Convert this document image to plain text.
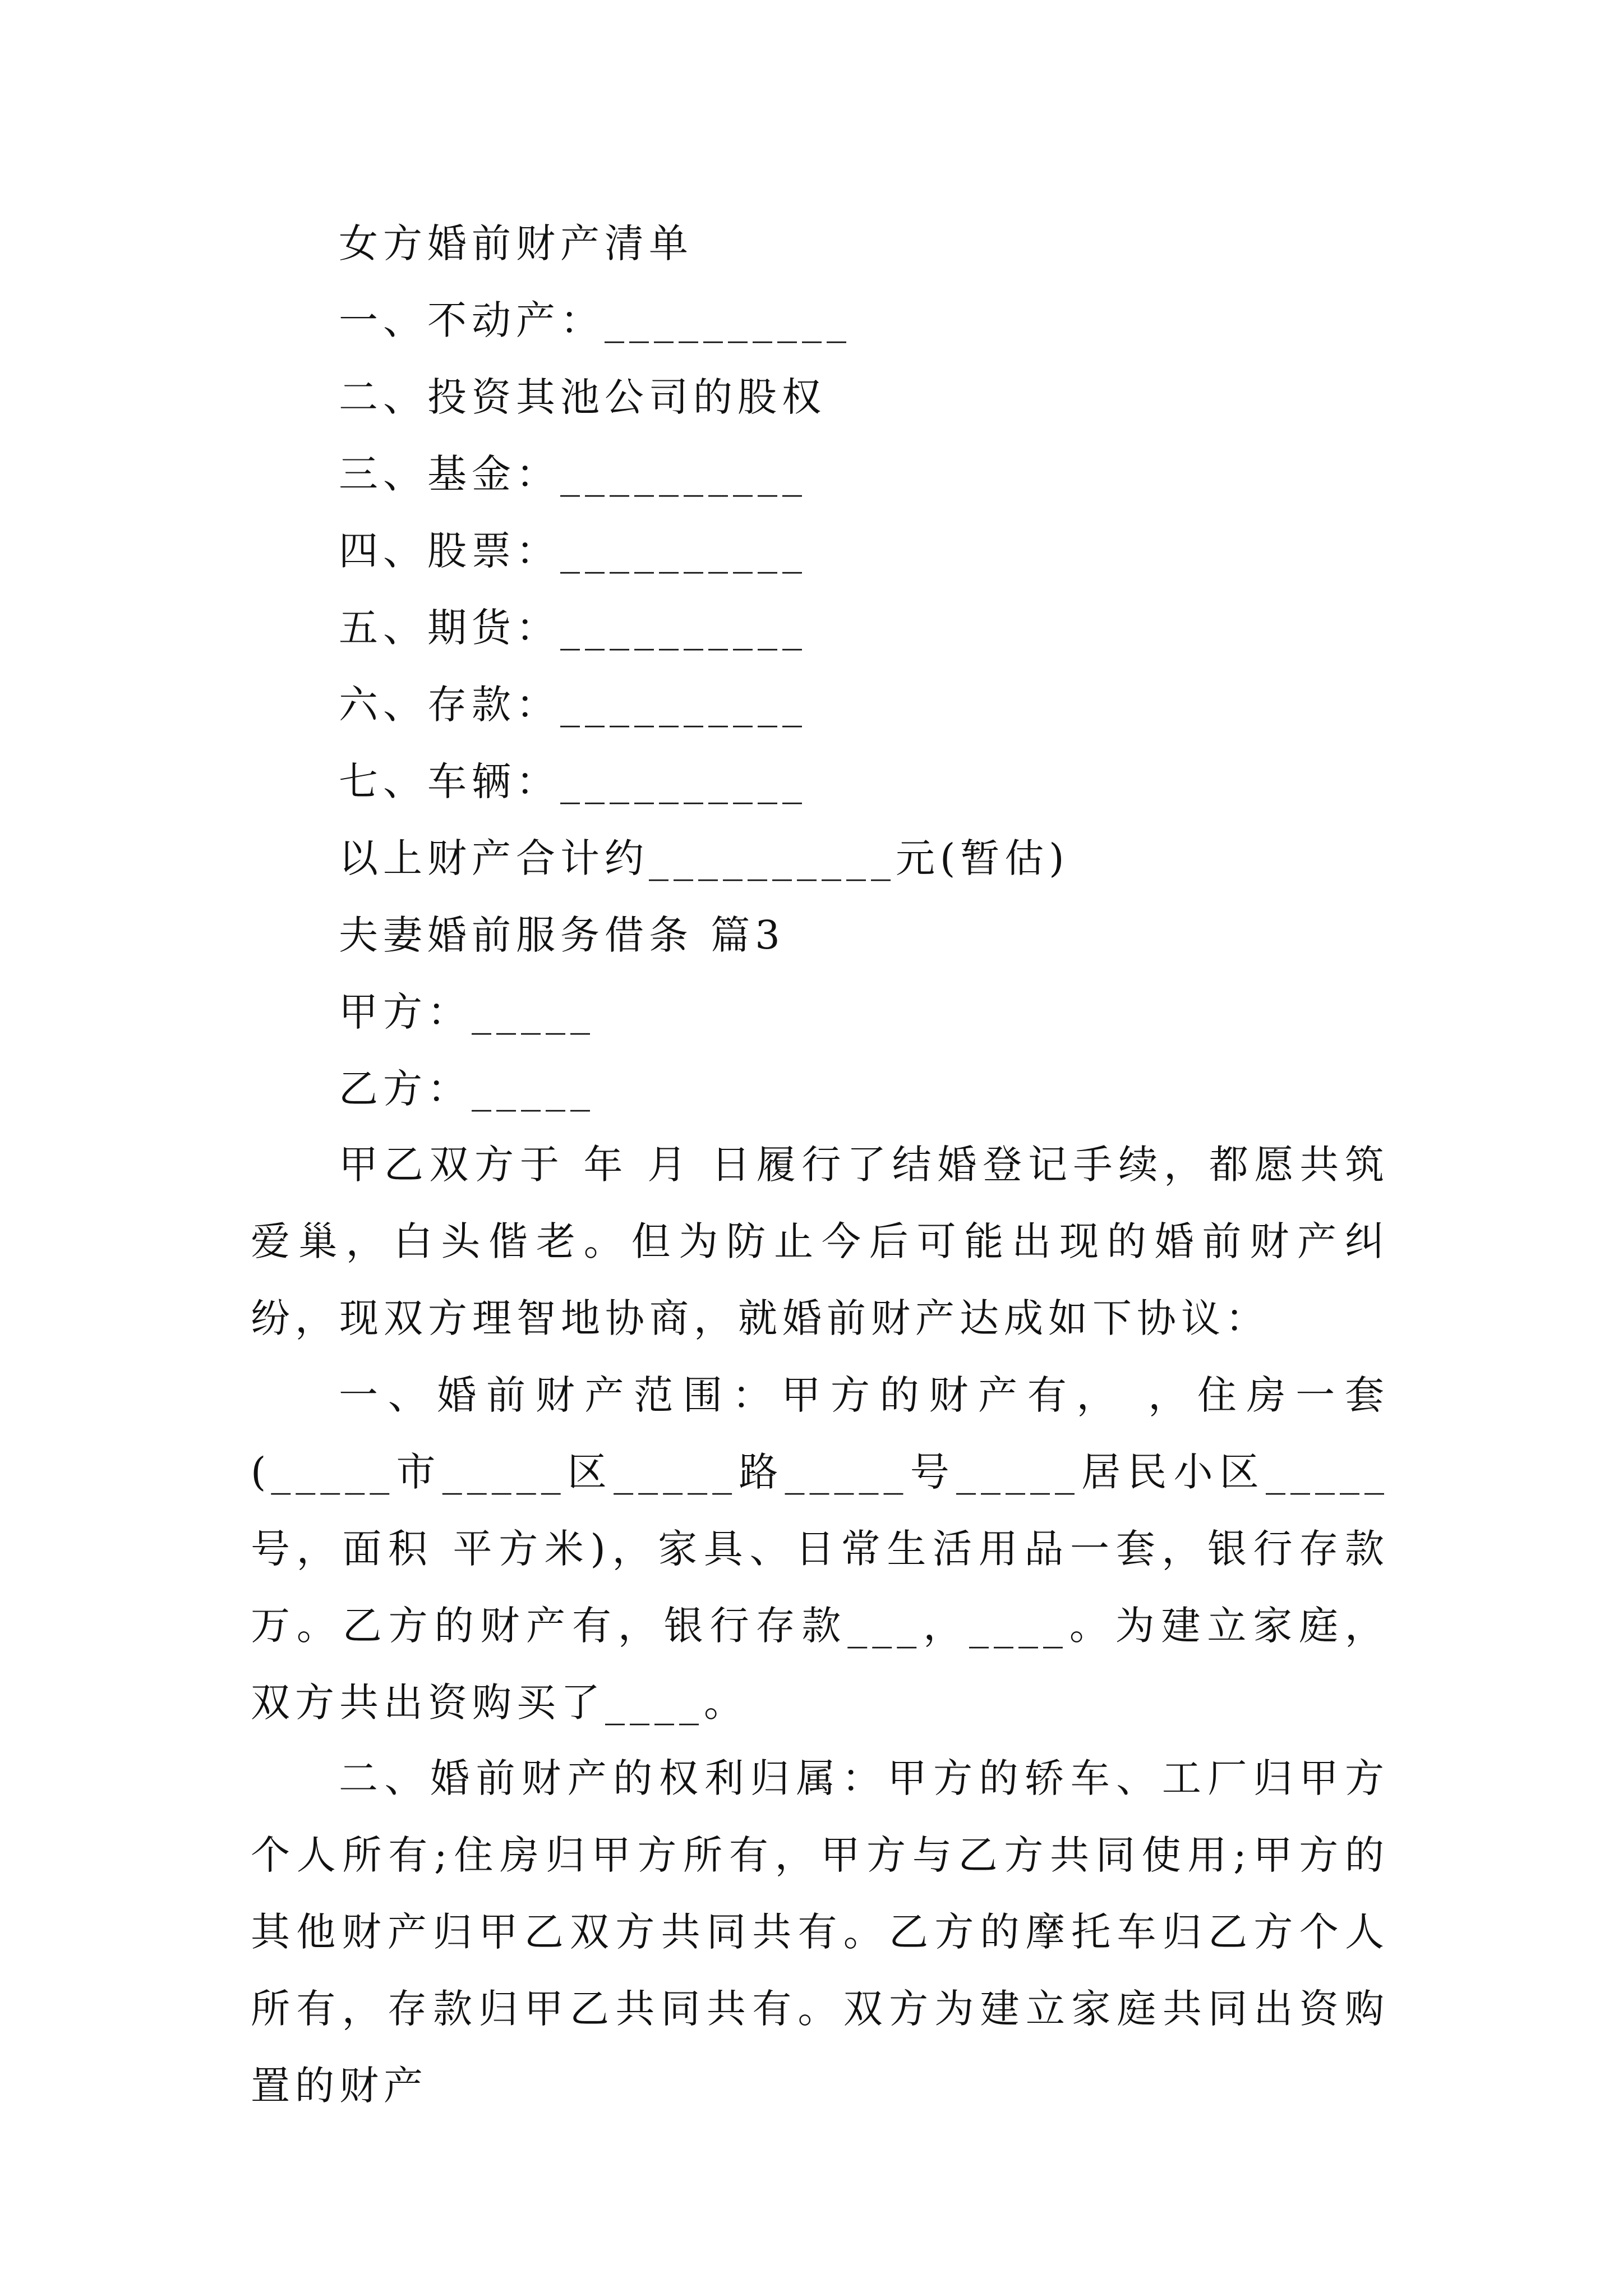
女方婚前财产清单
一、不动产：__________
二、投资其池公司的股权
三、基金：__________
四、股票：__________
五、期货：__________
六、存款：__________
七、车辆：__________
以上财产合计约__________元(暂估)
夫妻婚前服务借条 篇3
甲方：_____
乙方：_____
甲乙双方于 年 月 日履行了结婚登记手续，都愿共筑爱巢，白头偕老。但为防止今后可能出现的婚前财产纠纷，现双方理智地协商，就婚前财产达成如下协议：
一、婚前财产范围：甲方的财产有， ，住房一套(_____市_____区_____路_____号_____居民小区_____号，面积 平方米)，家具、日常生活用品一套，银行存款 万。乙方的财产有，银行存款___，____。为建立家庭，双方共出资购买了____。
二、婚前财产的权利归属：甲方的轿车、工厂归甲方个人所有;住房归甲方所有，甲方与乙方共同使用;甲方的其他财产归甲乙双方共同共有。乙方的摩托车归乙方个人所有，存款归甲乙共同共有。双方为建立家庭共同出资购置的财产
